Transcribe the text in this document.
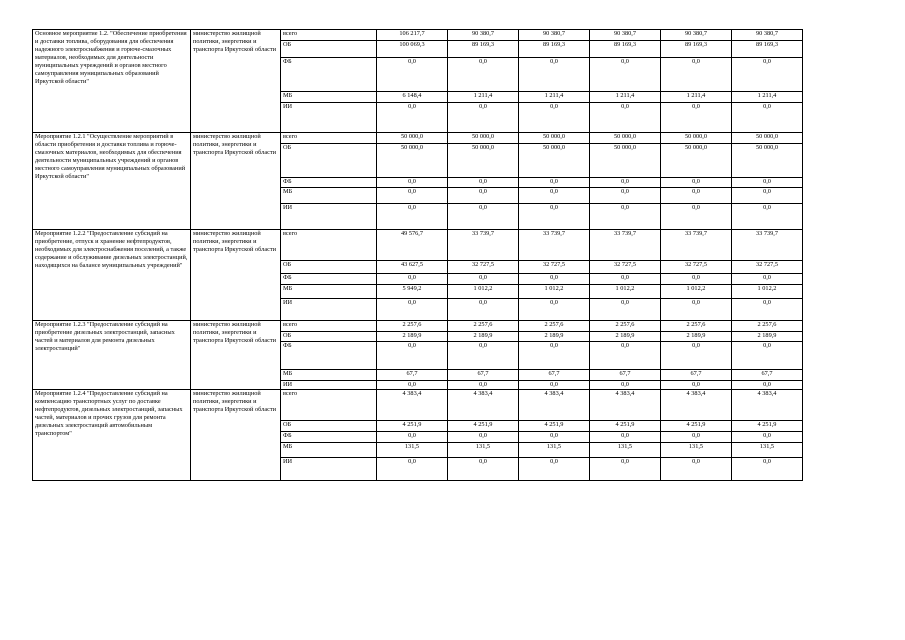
Основное мероприятие 1.2. "Обеспечение приобретения и доставки топлива, оборудования для обеспечения надежного электроснабжения и горюче-смазочных материалов, необходимых для деятельности муниципальных учреждений и органов местного самоуправления муниципальных образований Иркутской области"	министерство жилищной политики, энергетики и транспорта Иркутской области	всего	106 217,7	90 380,7	90 380,7	90 380,7	90 380,7	90 380,7
		ОБ	100 069,3	89 169,3	89 169,3	89 169,3	89 169,3	89 169,3
		ФБ	0,0	0,0	0,0	0,0	0,0	0,0
		МБ	6 148,4	1 211,4	1 211,4	1 211,4	1 211,4	1 211,4
		ИИ	0,0	0,0	0,0	0,0	0,0	0,0
Мероприятие 1.2.1 "Осуществление мероприятий в области приобретения и доставки топлива и горюче-смазочных материалов, необходимых для обеспечения деятельности муниципальных учреждений и органов местного самоуправления муниципальных образований Иркутской области"	министерство жилищной политики, энергетики и транспорта Иркутской области	всего	50 000,0	50 000,0	50 000,0	50 000,0	50 000,0	50 000,0
		ОБ	50 000,0	50 000,0	50 000,0	50 000,0	50 000,0	50 000,0
		ФБ	0,0	0,0	0,0	0,0	0,0	0,0
		МБ	0,0	0,0	0,0	0,0	0,0	0,0
		ИИ	0,0	0,0	0,0	0,0	0,0	0,0
Мероприятие 1.2.2 "Предоставление субсидий на приобретение, отпуск и хранение нефтепродуктов, необходимых для электроснабжения поселений, а также содержание и обслуживание дизельных электростанций, находящихся на балансе муниципальных учреждений"	министерство жилищной политики, энергетики и транспорта Иркутской области	всего	49 576,7	33 739,7	33 739,7	33 739,7	33 739,7	33 739,7
		ОБ	43 627,5	32 727,5	32 727,5	32 727,5	32 727,5	32 727,5
		ФБ	0,0	0,0	0,0	0,0	0,0	0,0
		МБ	5 949,2	1 012,2	1 012,2	1 012,2	1 012,2	1 012,2
		ИИ	0,0	0,0	0,0	0,0	0,0	0,0
Мероприятие 1.2.3 "Предоставление субсидий на приобретение дизельных электростанций, запасных частей и материалов для ремонта дизельных электростанций"	министерство жилищной политики, энергетики и транспорта Иркутской области	всего	2 257,6	2 257,6	2 257,6	2 257,6	2 257,6	2 257,6
		ОБ	2 189,9	2 189,9	2 189,9	2 189,9	2 189,9	2 189,9
		ФБ	0,0	0,0	0,0	0,0	0,0	0,0
		МБ	67,7	67,7	67,7	67,7	67,7	67,7
		ИИ	0,0	0,0	0,0	0,0	0,0	0,0
Мероприятие 1.2.4 "Предоставление субсидий на компенсацию транспортных услуг по доставке нефтепродуктов, дизельных электростанций, запасных частей, материалов и прочих грузов для ремонта дизельных электростанций автомобильным транспортом"	министерство жилищной политики, энергетики и транспорта Иркутской области	всего	4 383,4	4 383,4	4 383,4	4 383,4	4 383,4	4 383,4
		ОБ	4 251,9	4 251,9	4 251,9	4 251,9	4 251,9	4 251,9
		ФБ	0,0	0,0	0,0	0,0	0,0	0,0
		МБ	131,5	131,5	131,5	131,5	131,5	131,5
		ИИ	0,0	0,0	0,0	0,0	0,0	0,0
